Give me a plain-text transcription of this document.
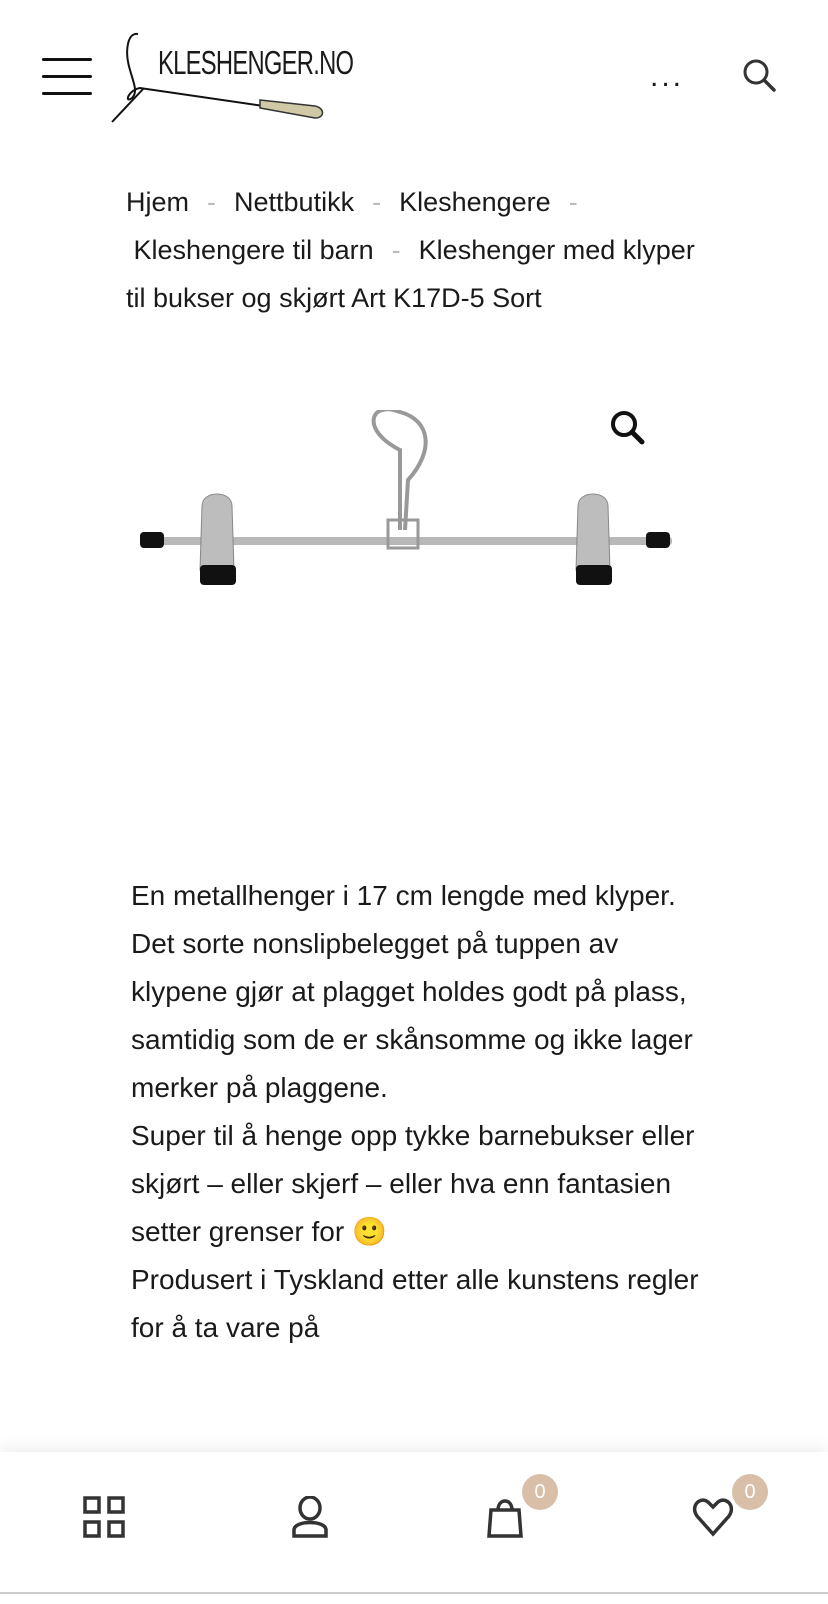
KLESHENGER.NO	...
Hjem - Nettbutikk - Kleshengere -
Kleshengere til barn - Kleshenger med klyper til bukser og skjørt Art K17D-5 Sort

En metallhenger i 17 cm lengde med klyper. Det sorte nonslipbelegget på tuppen av klypene gjør at plagget holdes godt på plass, samtidig som de er skånsomme og ikke lager merker på plaggene.

Super til å henge opp tykke barnebukser eller skjørt – eller skjerf – eller hva enn fantasien setter grenser for 🙂

Produsert i Tyskland etter alle kunstens regler for å ta vare på

0	0
